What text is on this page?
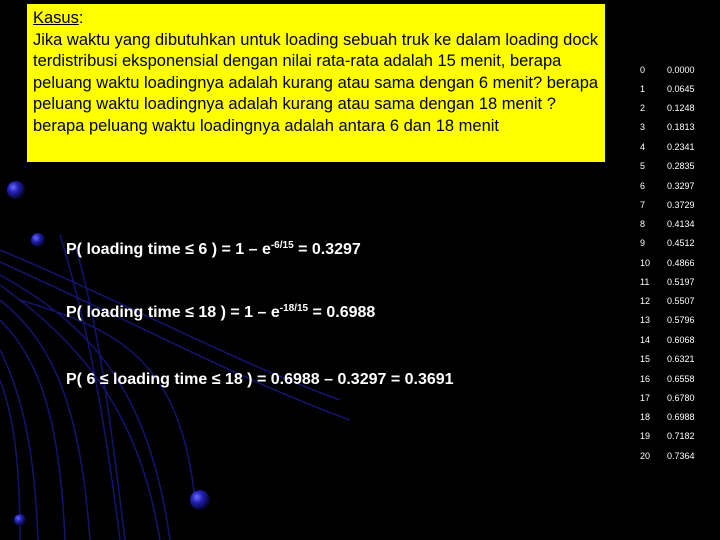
Kasus:
Jika waktu yang dibutuhkan untuk loading sebuah truk ke dalam loading dock terdistribusi eksponensial dengan nilai rata-rata adalah 15 menit, berapa peluang waktu loadingnya adalah kurang atau sama dengan 6 menit? berapa peluang waktu loadingnya adalah kurang atau sama dengan 18 menit ? berapa peluang waktu loadingnya adalah antara 6 dan 18 menit
P( loading time ≤ 6 ) = $1 - e^{-6/15} = 0.3297$
P( loading time ≤ 18 ) = $1 - e^{-18/15} = 0.6988$
P( 6 ≤ loading time ≤ 18 ) = 0.6988 – 0.3297 = 0.3691
0 0.0000
1 0.0645
2 0.1248
3 0.1813
4 0.2341
5 0.2835
6 0.3297
7 0.3729
8 0.4134
9 0.4512
10 0.4866
11 0.5197
12 0.5507
13 0.5796
14 0.6068
15 0.6321
16 0.6558
17 0.6780
18 0.6988
19 0.7182
20 0.7364
